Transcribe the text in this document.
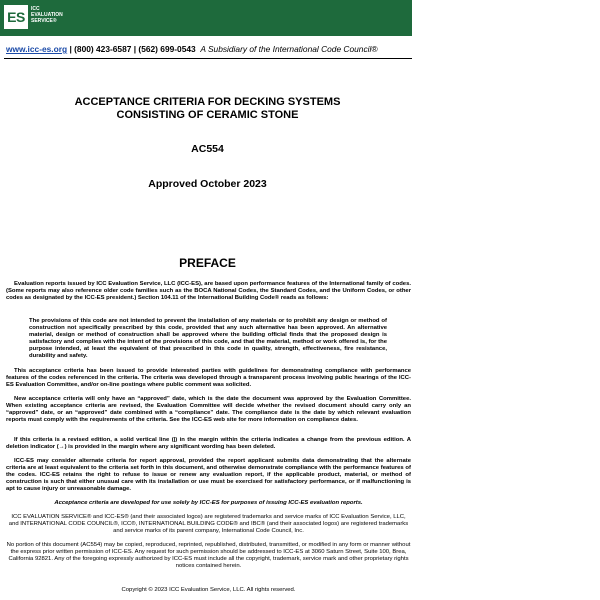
ES	ICC
EVALUATION
SERVICE®
www.icc-es.org | (800) 423-6587 | (562) 699-0543 A Subsidiary of the International Code Council®
ACCEPTANCE CRITERIA FOR DECKING SYSTEMS
CONSISTING OF CERAMIC STONE
AC554
Approved October 2023
PREFACE
Evaluation reports issued by ICC Evaluation Service, LLC (ICC-ES), are based upon performance features of the International family of codes. (Some reports may also reference older code families such as the BOCA National Codes, the Standard Codes, and the Uniform Codes, or other codes as designated by the ICC-ES president.) Section 104.11 of the International Building Code® reads as follows:
The provisions of this code are not intended to prevent the installation of any materials or to prohibit any design or method of construction not specifically prescribed by this code, provided that any such alternative has been approved. An alternative material, design or method of construction shall be approved where the building official finds that the proposed design is satisfactory and complies with the intent of the provisions of this code, and that the material, method or work offered is, for the purpose intended, at least the equivalent of that prescribed in this code in quality, strength, effectiveness, fire resistance, durability and safety.
This acceptance criteria has been issued to provide interested parties with guidelines for demonstrating compliance with performance features of the codes referenced in the criteria. The criteria was developed through a transparent process involving public hearings of the ICC-ES Evaluation Committee, and/or on-line postings where public comment was solicited.
New acceptance criteria will only have an “approved” date, which is the date the document was approved by the Evaluation Committee. When existing acceptance criteria are revised, the Evaluation Committee will decide whether the revised document should carry only an “approved” date, or an “approved” date combined with a “compliance” date. The compliance date is the date by which relevant evaluation reports must comply with the requirements of the criteria. See the ICC-ES web site for more information on compliance dates.
If this criteria is a revised edition, a solid vertical line (|) in the margin within the criteria indicates a change from the previous edition. A deletion indicator (→) is provided in the margin where any significant wording has been deleted.
ICC-ES may consider alternate criteria for report approval, provided the report applicant submits data demonstrating that the alternate criteria are at least equivalent to the criteria set forth in this document, and otherwise demonstrate compliance with the performance features of the codes. ICC-ES retains the right to refuse to issue or renew any evaluation report, if the applicable product, material, or method of construction is such that either unusual care with its installation or use must be exercised for satisfactory performance, or if malfunctioning is apt to cause injury or unreasonable damage.
Acceptance criteria are developed for use solely by ICC-ES for purposes of issuing ICC-ES evaluation reports.
ICC EVALUATION SERVICE® and ICC-ES® (and their associated logos) are registered trademarks and service marks of ICC Evaluation Service, LLC, and INTERNATIONAL CODE COUNCIL®, ICC®, INTERNATIONAL BUILDING CODE® and IBC® (and their associated logos) are registered trademarks and service marks of its parent company, International Code Council, Inc.
No portion of this document (AC554) may be copied, reproduced, reprinted, republished, distributed, transmitted, or modified in any form or manner without the express prior written permission of ICC-ES. Any request for such permission should be addressed to ICC-ES at 3060 Saturn Street, Suite 100, Brea, California 92821. Any of the foregoing expressly authorized by ICC-ES must include all the copyright, trademark, service mark and other proprietary rights notices contained herein.
Copyright © 2023 ICC Evaluation Service, LLC. All rights reserved.
